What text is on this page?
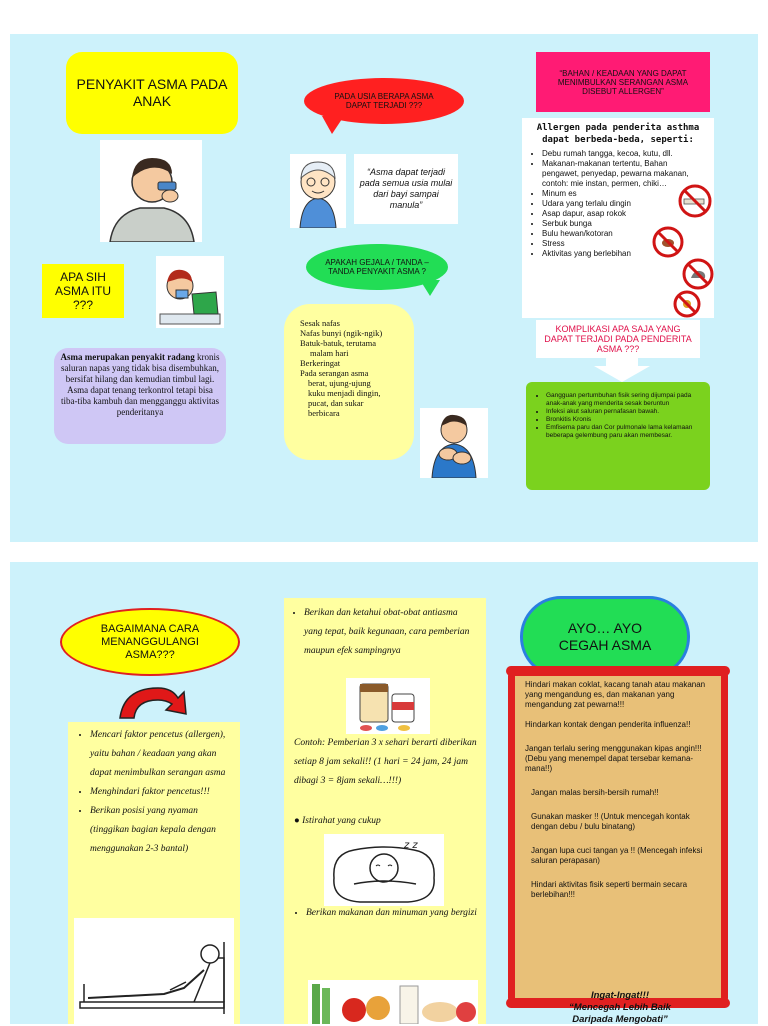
PENYAKIT ASMA PADA ANAK
APA SIH ASMA ITU ???
Asma merupakan penyakit radang kronis saluran napas yang tidak bisa disembuhkan, bersifat hilang dan kemudian timbul lagi. Asma dapat tenang terkontrol tetapi bisa tiba-tiba kambuh dan mengganggu aktivitas penderitanya
PADA USIA BERAPA ASMA DAPAT TERJADI ???
“Asma dapat terjadi pada semua usia mulai dari bayi sampai manula”
APAKAH GEJALA / TANDA – TANDA PENYAKIT ASMA ?
Sesak nafas
Nafas bunyi (ngik-ngik)
Batuk-batuk, terutama
malam hari
Berkeringat
Pada serangan asma
berat, ujung-ujung
kuku menjadi dingin,
pucat, dan sukar
berbicara
“BAHAN / KEADAAN YANG DAPAT MENIMBULKAN SERANGAN ASMA DISEBUT ALLERGEN”
Allergen pada penderita asthma dapat berbeda-beda, seperti:
• Debu rumah tangga, kecoa, kutu, dll.
• Makanan-makanan tertentu, Bahan pengawet, penyedap, pewarna makanan, contoh: mie instan, permen, chiki…
• Minum es
• Udara yang terlalu dingin
• Asap dapur, asap rokok
• Serbuk bunga
• Bulu hewan/kotoran
• Stress
• Aktivitas yang berlebihan
KOMPLIKASI APA SAJA YANG DAPAT TERJADI PADA PENDERITA ASMA ???
• Gangguan pertumbuhan fisik sering dijumpai pada anak-anak yang menderita sesak beruntun
• Infeksi akut saluran pernafasan bawah.
• Bronkitis Kronis
• Emfisema paru dan Cor pulmonale lama kelamaan beberapa gelembung paru akan membesar.
BAGAIMANA CARA MENANGGULANGI ASMA???
• Mencari faktor pencetus (allergen), yaitu bahan / keadaan yang akan dapat menimbulkan serangan asma
• Menghindari faktor pencetus!!!
• Berikan posisi yang nyaman (tinggikan bagian kepala dengan menggunakan 2-3 bantal)
• Berikan dan ketahui obat-obat antiasma yang tepat, baik kegunaan, cara pemberian maupun efek sampingnya
Contoh: Pemberian 3 x sehari berarti diberikan setiap 8 jam sekali!! (1 hari = 24 jam, 24 jam dibagi 3 = 8jam sekali…!!!)
● Istirahat yang cukup
z z
• Berikan makanan dan minuman yang bergizi
AYO… AYO CEGAH ASMA

Hindari makan coklat, kacang tanah atau makanan yang mengandung es, dan makanan yang mengandung zat pewarna!!!

Hindarkan kontak dengan penderita influenza!!

Jangan terlalu sering menggunakan kipas angin!!! (Debu yang menempel dapat tersebar kemana-mana!!)

Jangan malas bersih-bersih rumah!!

Gunakan masker !! (Untuk mencegah kontak dengan debu / bulu binatang)

Jangan lupa cuci tangan ya !! (Mencegah infeksi saluran perapasan)

Hindari aktivitas fisik seperti bermain secara berlebihan!!!

Ingat-Ingat!!!
“Mencegah Lebih Baik
Daripada Mengobati”
